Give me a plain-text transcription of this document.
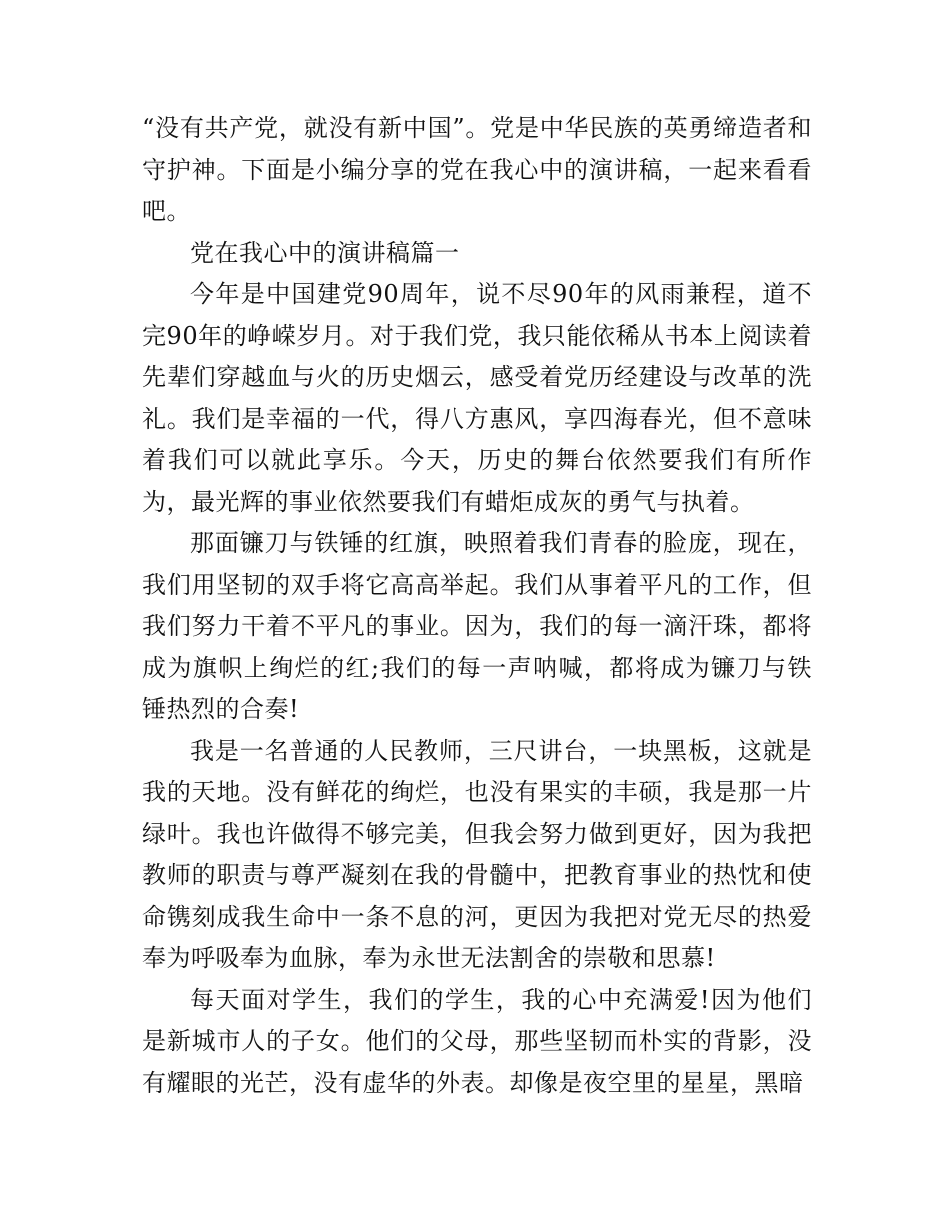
“没有共产党，就没有新中国”。党是中华民族的英勇缔造者和守护神。下面是小编分享的党在我心中的演讲稿，一起来看看吧。

党在我心中的演讲稿篇一

今年是中国建党90周年，说不尽90年的风雨兼程，道不完90年的峥嵘岁月。对于我们党，我只能依稀从书本上阅读着先辈们穿越血与火的历史烟云，感受着党历经建设与改革的洗礼。我们是幸福的一代，得八方惠风，享四海春光，但不意味着我们可以就此享乐。今天，历史的舞台依然要我们有所作为，最光辉的事业依然要我们有蜡炬成灰的勇气与执着。

那面镰刀与铁锤的红旗，映照着我们青春的脸庞，现在，我们用坚韧的双手将它高高举起。我们从事着平凡的工作，但我们努力干着不平凡的事业。因为，我们的每一滴汗珠，都将成为旗帜上绚烂的红;我们的每一声呐喊，都将成为镰刀与铁锤热烈的合奏!

我是一名普通的人民教师，三尺讲台，一块黑板，这就是我的天地。没有鲜花的绚烂，也没有果实的丰硕，我是那一片绿叶。我也许做得不够完美，但我会努力做到更好，因为我把教师的职责与尊严凝刻在我的骨髓中，把教育事业的热忱和使命镌刻成我生命中一条不息的河，更因为我把对党无尽的热爱奉为呼吸奉为血脉，奉为永世无法割舍的崇敬和思慕!

每天面对学生，我们的学生，我的心中充满爱!因为他们是新城市人的子女。他们的父母，那些坚韧而朴实的背影，没有耀眼的光芒，没有虚华的外表。却像是夜空里的星星，黑暗
